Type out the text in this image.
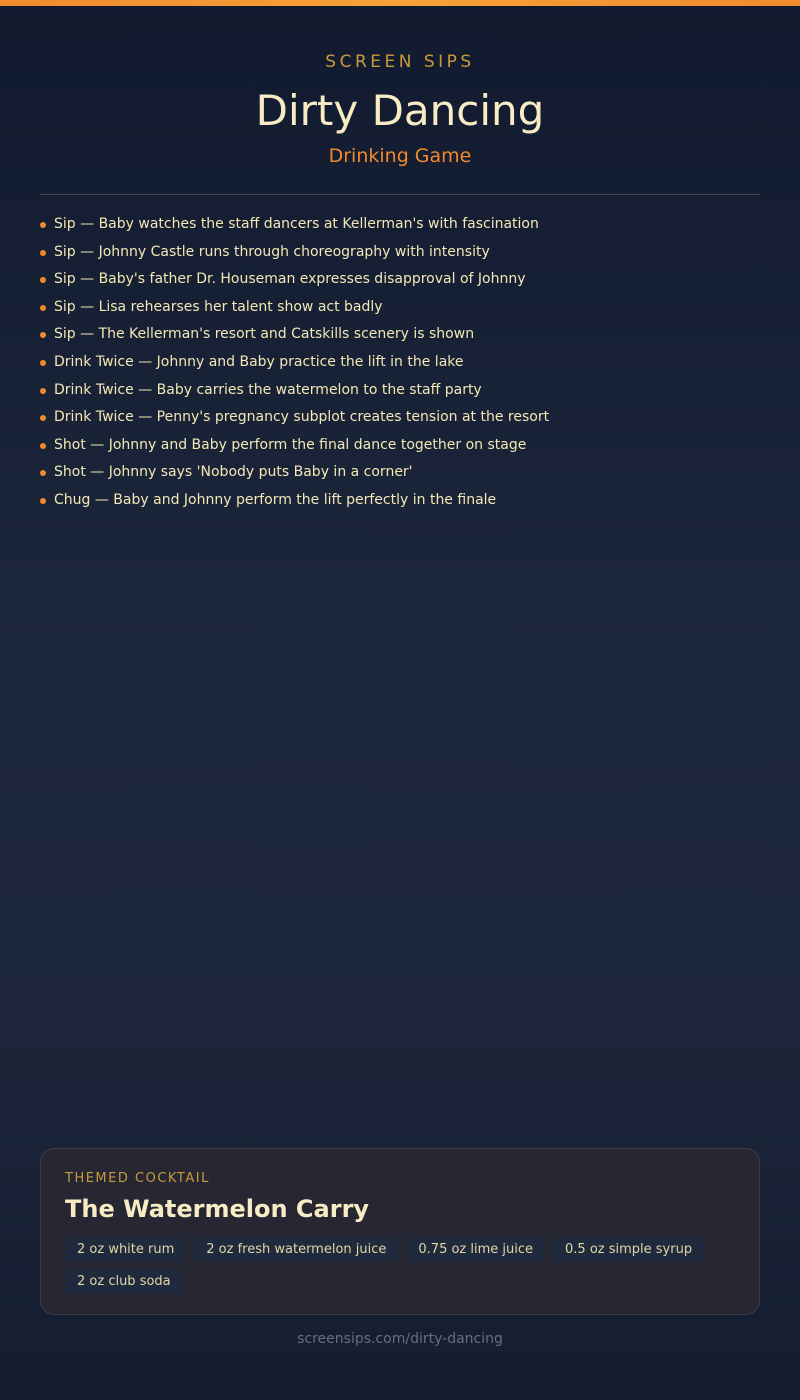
SCREEN SIPS
Dirty Dancing
Drinking Game
Sip — Baby watches the staff dancers at Kellerman's with fascination
Sip — Johnny Castle runs through choreography with intensity
Sip — Baby's father Dr. Houseman expresses disapproval of Johnny
Sip — Lisa rehearses her talent show act badly
Sip — The Kellerman's resort and Catskills scenery is shown
Drink Twice — Johnny and Baby practice the lift in the lake
Drink Twice — Baby carries the watermelon to the staff party
Drink Twice — Penny's pregnancy subplot creates tension at the resort
Shot — Johnny and Baby perform the final dance together on stage
Shot — Johnny says 'Nobody puts Baby in a corner'
Chug — Baby and Johnny perform the lift perfectly in the finale
THEMED COCKTAIL
The Watermelon Carry
2 oz white rum	2 oz fresh watermelon juice	0.75 oz lime juice	0.5 oz simple syrup
2 oz club soda
screensips.com/dirty-dancing
